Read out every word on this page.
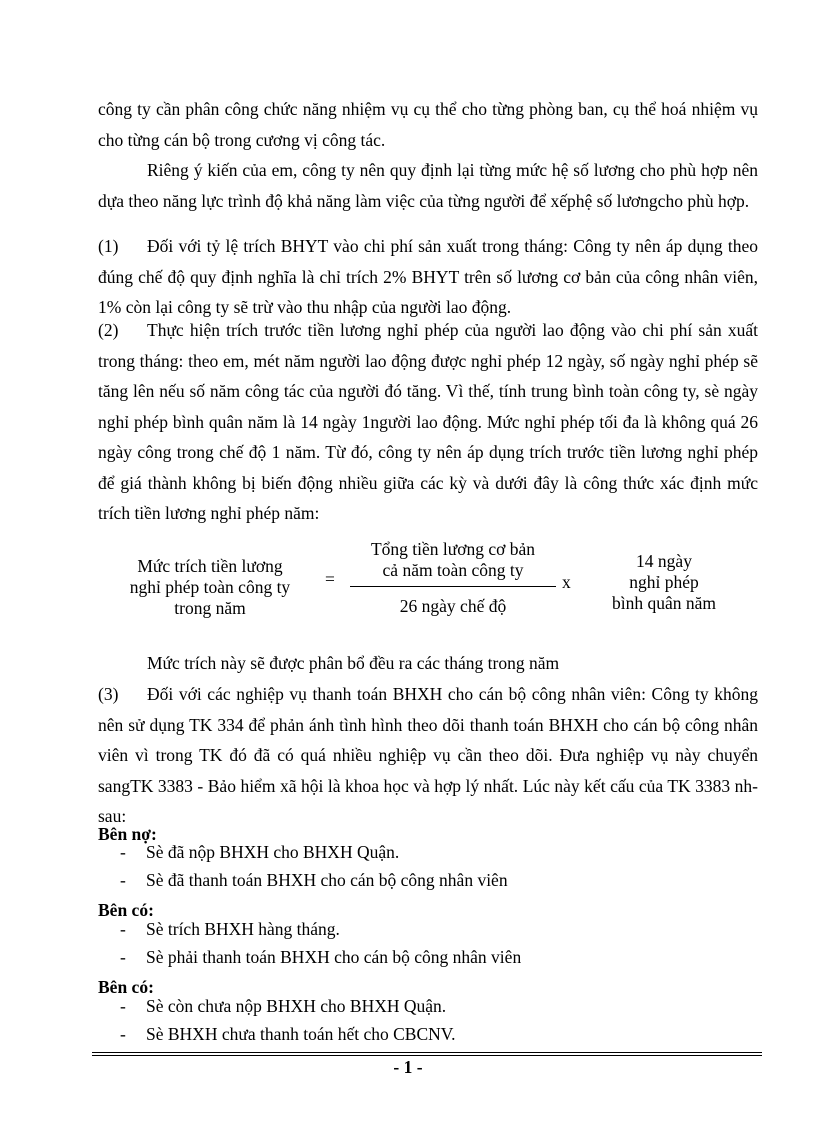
công ty cần phân công chức năng nhiệm vụ cụ thể cho từng phòng ban, cụ thể hoá nhiệm vụ cho từng cán bộ trong cương vị công tác.

Riêng ý kiến của em, công ty nên quy định lại từng mức hệ số lương cho phù hợp nên dựa theo năng lực trình độ khả năng làm việc của từng người để xếphệ số lươngcho phù hợp.

(1) Đối với tỷ lệ trích BHYT vào chi phí sản xuất trong tháng: Công ty nên áp dụng theo đúng chế độ quy định nghĩa là chỉ trích 2% BHYT trên số lương cơ bản của công nhân viên, 1% còn lại công ty sẽ trừ vào thu nhập của người lao động.

(2) Thực hiện trích trước tiền lương nghỉ phép của người lao động vào chi phí sản xuất trong tháng: theo em, mét năm người lao động được nghỉ phép 12 ngày, số ngày nghỉ phép sẽ tăng lên nếu số năm công tác của người đó tăng. Vì thế, tính trung bình toàn công ty, sè ngày nghỉ phép bình quân năm là 14 ngày 1người lao động. Mức nghỉ phép tối đa là không quá 26 ngày công trong chế độ 1 năm. Từ đó, công ty nên áp dụng trích trước tiền lương nghỉ phép để giá thành không bị biến động nhiều giữa các kỳ và dưới đây là công thức xác định mức trích tiền lương nghỉ phép năm:

Mức trích tiền lương
nghỉ phép toàn công ty
trong năm
=
Tổng tiền lương cơ bản
cả năm toàn công ty
26 ngày chế độ
x
14 ngày
nghỉ phép
bình quân năm

Mức trích này sẽ được phân bổ đều ra các tháng trong năm

(3) Đối với các nghiệp vụ thanh toán BHXH cho cán bộ công nhân viên: Công ty không nên sử dụng TK 334 để phản ánh tình hình theo dõi thanh toán BHXH cho cán bộ công nhân viên vì trong TK đó đã có quá nhiều nghiệp vụ cần theo dõi. Đưa nghiệp vụ này chuyển sangTK 3383 - Bảo hiểm xã hội là khoa học và hợp lý nhất. Lúc này kết cấu của TK 3383 nh sau:

Bên nợ:

- Sè đã nộp BHXH cho BHXH Quận.

- Sè đã thanh toán BHXH cho cán bộ công nhân viên

Bên có:

- Sè trích BHXH hàng tháng.

- Sè phải thanh toán BHXH cho cán bộ công nhân viên

Bên có:

- Sè còn chưa nộp BHXH cho BHXH Quận.

- Sè BHXH chưa thanh toán hết cho CBCNV.

- 1 -
